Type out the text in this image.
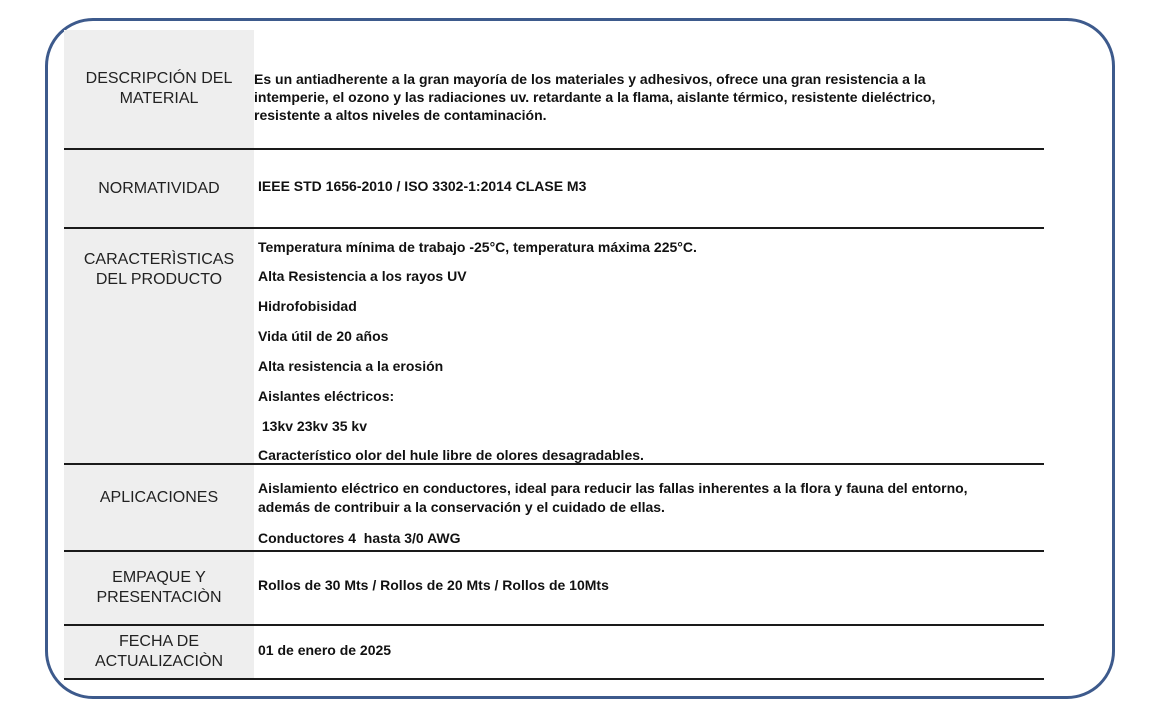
DESCRIPCIÓN DEL MATERIAL
Es un antiadherente a la gran mayoría de los materiales y adhesivos, ofrece una gran resistencia a la
intemperie, el ozono y las radiaciones uv. retardante a la flama, aislante térmico, resistente dieléctrico,
resistente a altos niveles de contaminación.
NORMATIVIDAD	IEEE STD 1656-2010 / ISO 3302-1:2014 CLASE M3
CARACTERÌSTICAS DEL PRODUCTO
Temperatura mínima de trabajo -25°C, temperatura máxima 225°C.
Alta Resistencia a los rayos UV
Hidrofobisidad
Vida útil de 20 años
Alta resistencia a la erosión
Aislantes eléctricos:
13kv 23kv 35 kv
Característico olor del hule libre de olores desagradables.
APLICACIONES
Aislamiento eléctrico en conductores, ideal para reducir las fallas inherentes a la flora y fauna del entorno,
además de contribuir a la conservación y el cuidado de ellas.
Conductores 4  hasta 3/0 AWG
EMPAQUE Y PRESENTACIÒN
Rollos de 30 Mts / Rollos de 20 Mts / Rollos de 10Mts
FECHA DE ACTUALIZACIÒN
01 de enero de 2025
